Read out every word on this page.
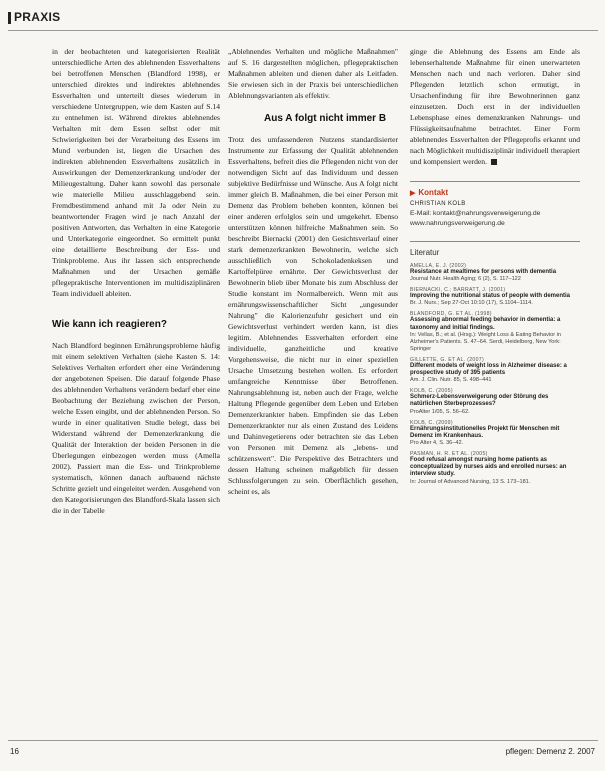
PRAXIS

in der beobachteten und kategorisierten Realität unterschiedliche Arten des ablehnenden Essverhaltens bei betroffenen Menschen (Blandford 1998), er unterschied direktes und indirektes ablehnendes Essverhalten und unterteilt dieses wiederum in verschiedene Untergruppen, wie dem Kasten auf S.14 zu entnehmen ist. Während direktes ablehnendes Verhalten mit dem Essen selbst oder mit Schwierigkeiten bei der Verarbeitung des Essens im Mund verbunden ist, liegen die Ursachen des indirekten ablehnenden Essverhaltens zusätzlich in Auswirkungen der Demenzerkrankung und/oder der Milieugestaltung. Daher kann sowohl das personale wie materielle Milieu ausschlaggebend sein. Fremdbestimmend anhand mit Ja oder Nein zu beantwortender Fragen wird je nach Anzahl der positiven Antworten, das Verhalten in eine Kategorie und Unterkategorie eingeordnet. So ermittelt punkt eine detaillierte Beschreibung der Ess- und Trinkprobleme. Aus ihr lassen sich entsprechende Maßnahmen und der Ursachen gemäße pflegepraktische Interventionen im multidisziplinären Team individuell ableiten.

Wie kann ich reagieren?

Nach Blandford beginnen Ernährungsprobleme häufig mit einem selektiven Verhalten (siehe Kasten S. 14: Selektives Verhalten erfordert eher eine Veränderung der angebotenen Speisen. Die darauf folgende Phase des ablehnenden Verhaltens verändern bedarf eher eine Beobachtung der Beziehung zwischen der Person, welche Essen eingibt, und der ablehnenden Person. So wurde in einer qualitativen Studie belegt, dass bei Widerstand während der Demenzerkrankung die Qualität der Interaktion der beiden Personen in die Überlegungen einbezogen werden muss (Amella 2002). Passiert man die Ess- und Trinkprobleme systematisch, können danach aufbauend nächste Schritte gezielt und eingeleitet werden. Ausgehend von den Kategorisierungen des Blandford-Skala lassen sich die in der Tabelle

„Ablehnendes Verhalten und mögliche Maßnahmen" auf S. 16 dargestellten möglichen, pflegepraktischen Maßnahmen ableiten und dienen daher als Leitfaden. Sie erwiesen sich in der Praxis bei unterschiedlichen Ablehnungsvarianten als effektiv.

Aus A folgt nicht immer B

Trotz des umfassenderen Nutzens standardisierter Instrumente zur Erfassung der Qualität ablehnenden Essverhaltens, befreit dies die Pflegenden nicht von der notwendigen Sicht auf das Individuum und dessen subjektive Bedürfnisse und Wünsche. Aus A folgt nicht immer gleich B. Maßnahmen, die bei einer Person mit Demenz das Problem beheben konnten, können bei einer anderen erfolglos sein und umgekehrt. Ebenso unterstützen können hilfreiche Maßnahmen sein. So beschreibt Biernacki (2001) den Gesichtsverlauf einer stark demenzerkrankten Bewohnerin, welche sich ausschließlich von Schokoladenkeksen und Kartoffelpüree ernährte. Der Gewichtsverlust der Bewohnerin blieb über Monate bis zum Abschluss der Studie konstant im Normalbereich. Wenn mit aus ernährungswissenschaftlicher Sicht „ungesunder Nahrung" die Kalorienzufuhr gesichert und ein Gewichtsverlust verhindert werden kann, ist dies legitim. Ablehnendes Essverhalten erfordert eine individuelle, ganzheitliche und kreative Vorgehensweise, die nicht nur in einer speziellen Ursache Umsetzung bestehen wollen. Es erfordert umfangreiche Kenntnisse über Betroffenen. Nahrungsablehnung ist, neben auch der Frage, welche Haltung Pflegende gegenüber dem Leben und Erleben Demenzerkrankter haben. Empfinden sie das Leben Demenzerkrankter nur als einen Zustand des Leidens und Dahinvegetierens oder betrachten sie das Leben von Personen mit Demenz als „lebens- und schützenswert". Die Perspektive des Betrachters und dessen Haltung scheinen maßgeblich für dessen Schlussfolgerungen zu sein. Oberflächlich gesehen, scheint es, als

ginge die Ablehnung des Essens am Ende als lebenserhaltende Maßnahme für einen unerwarteten Menschen nach und nach verloren. Daher sind Pflegenden letztlich schon ermutigt, in Ursachenfindung für ihre Bewohnerinnen ganz einzusetzen. Doch erst in der individuellen Lebensphase eines demenzkranken Nahrungs- und Flüssigkeitsaufnahme betrachtet. Einer Form ablehnendes Essverhalten der Pflegeprofis erkannt und nach Möglichkeit multidisziplinär individuell therapiert und kompensiert werden.

▶ Kontakt
CHRISTIAN KOLB
E-Mail: kontakt@nahrungsverweigerung.de
www.nahrungsverweigerung.de
Literatur
AMELLA, E. J. (2002)
Resistance at mealtimes for persons with dementia
Journal Nutr. Health Aging; 6 (2), S. 117–122
BIERNACKI, C.; BARRATT, J. (2001)
Improving the nutritional status of people with dementia
Br. J. Nurs.; Sep 27-Oct 10:10 (17), S.1104–1114.
BLANDFORD, G. ET AL. (1998)
Assessing abnormal feeding behavior in dementia: a taxonomy and initial findings.
In: Vellas, B.; et al. (Hrsg.): Weight Loss & Eating Behavior in Alzheimer's Patients. S. 47–64. Serdi, Heidelberg, New York: Springer
GILLETTE, G. ET AL. (2007)
Different models of weight loss in Alzheimer disease: a prospective study of 395 patients
Am. J. Clin. Nutr. 85, S. 498–441
KOLB, C. (2005)
Schmerz-Lebensverweigerung oder Störung des natürlichen Sterbeprozesses?
ProAlter 1/05, S. 56–62.
KOLB, C. (2009)
Ernährungsinstitutionelles Projekt für Menschen mit Demenz im Krankenhaus.
Pro Alter 4, S. 36–42.
PASMAN, H. R. ET AL. (2005)
Food refusal amongst nursing home patients as conceptualized by nurses aids and enrolled nurses: an interview study.
In: Journal of Advanced Nursing, 13 S. 173–181.
16	pflegen: Demenz 2. 2007
